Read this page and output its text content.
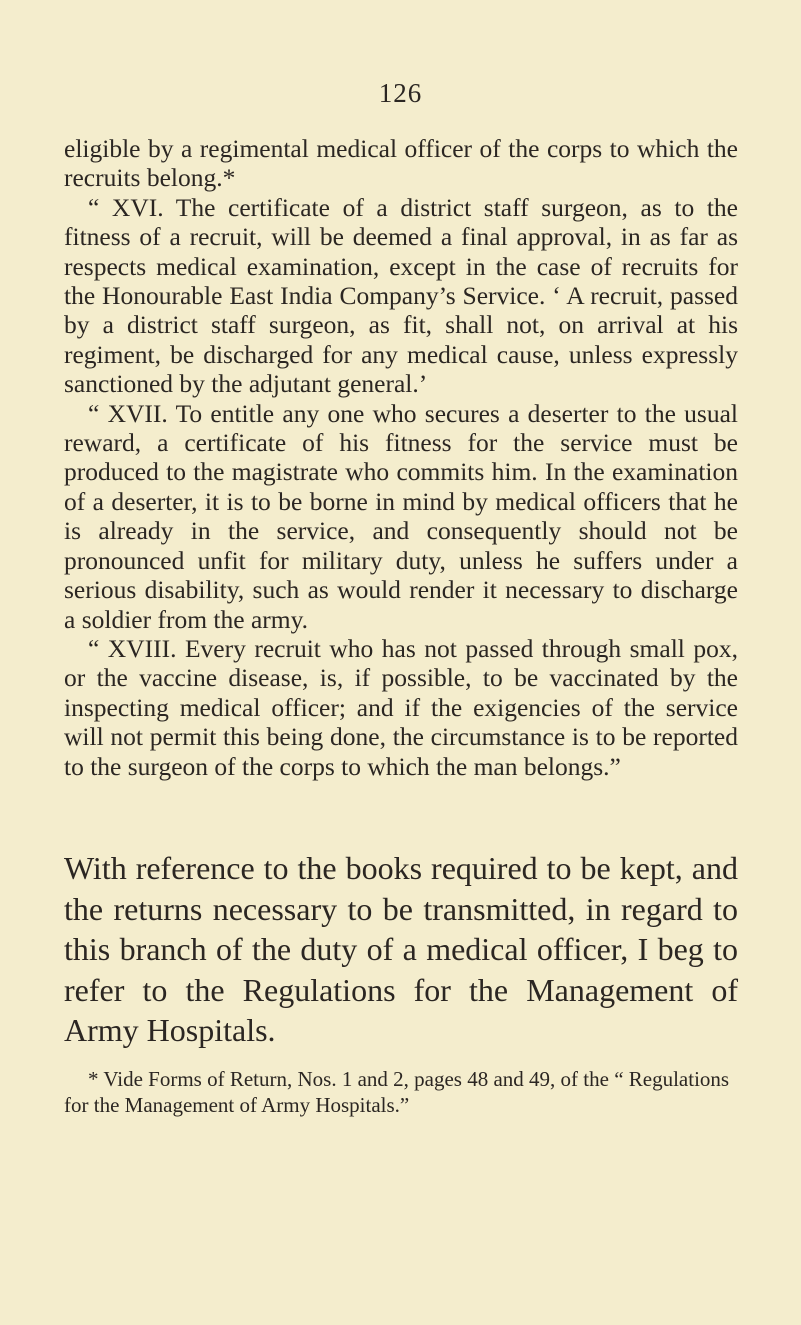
126

eligible by a regimental medical officer of the corps to which the recruits belong.*

“ XVI. The certificate of a district staff surgeon, as to the fitness of a recruit, will be deemed a final approval, in as far as respects medical examination, except in the case of recruits for the Honourable East India Company’s Service. ‘ A recruit, passed by a district staff surgeon, as fit, shall not, on arrival at his regiment, be discharged for any medical cause, unless expressly sanctioned by the adjutant general.’

“ XVII. To entitle any one who secures a deserter to the usual reward, a certificate of his fitness for the service must be produced to the magistrate who commits him. In the examination of a deserter, it is to be borne in mind by medical officers that he is already in the service, and consequently should not be pronounced unfit for military duty, unless he suffers under a serious disability, such as would render it necessary to discharge a soldier from the army.

“ XVIII. Every recruit who has not passed through small pox, or the vaccine disease, is, if possible, to be vaccinated by the inspecting medical officer; and if the exigencies of the service will not permit this being done, the circumstance is to be reported to the surgeon of the corps to which the man belongs.”

With reference to the books required to be kept, and the returns necessary to be transmitted, in regard to this branch of the duty of a medical officer, I beg to refer to the Regulations for the Management of Army Hospitals.

* Vide Forms of Return, Nos. 1 and 2, pages 48 and 49, of the “ Regulations for the Management of Army Hospitals.”
